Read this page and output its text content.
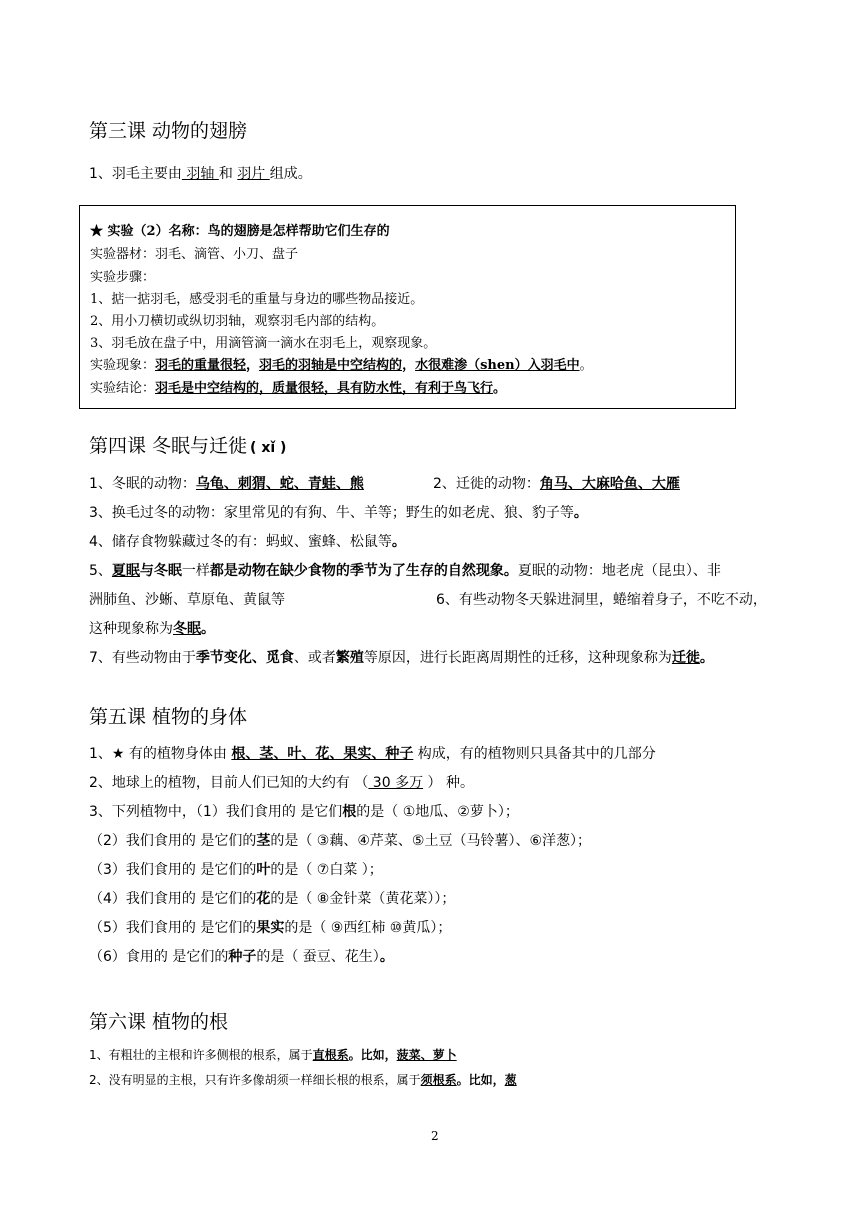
第三课 动物的翅膀
1、羽毛主要由 羽轴 和 羽片 组成。
★ 实验（2）名称：鸟的翅膀是怎样帮助它们生存的
实验器材：羽毛、滴管、小刀、盘子
实验步骤：
1、掂一掂羽毛，感受羽毛的重量与身边的哪些物品接近。
2、用小刀横切或纵切羽轴，观察羽毛内部的结构。
3、羽毛放在盘子中，用滴管滴一滴水在羽毛上，观察现象。
实验现象：羽毛的重量很轻，羽毛的羽轴是中空结构的，水很难渗（shen）入羽毛中。
实验结论：羽毛是中空结构的，质量很轻，具有防水性，有利于鸟飞行。
第四课 冬眠与迁徙 ( xǐ )
1、冬眠的动物：乌龟、刺猬、蛇、青蛙、熊	2、迁徙的动物：角马、大麻哈鱼、大雁
3、换毛过冬的动物：家里常见的有狗、牛、羊等；野生的如老虎、狼、豹子等。
4、储存食物躲藏过冬的有：蚂蚁、蜜蜂、松鼠等。
5、夏眠与冬眠一样都是动物在缺少食物的季节为了生存的自然现象。夏眠的动物：地老虎（昆虫）、非
洲肺鱼、沙蜥、草原龟、黄鼠等	6、有些动物冬天躲进洞里，蜷缩着身子，不吃不动，
这种现象称为冬眠。
7、有些动物由于季节变化、觅食、或者繁殖等原因，进行长距离周期性的迁移，这种现象称为迁徙。
第五课 植物的身体
1、★ 有的植物身体由 根、茎、叶、花、果实、种子 构成，有的植物则只具备其中的几部分
2、地球上的植物，目前人们已知的大约有 （ 30 多万 ） 种。
3、下列植物中，（1）我们食用的 是它们根的是（ ①地瓜、②萝卜）；
（2）我们食用的 是它们的茎的是（ ③藕、④芹菜、⑤土豆（马铃薯）、⑥洋葱）；
（3）我们食用的 是它们的叶的是（ ⑦白菜 ）；
（4）我们食用的 是它们的花的是（ ⑧金针菜（黄花菜））；
（5）我们食用的 是它们的果实的是（ ⑨西红柿 ⑩黄瓜）；
（6）食用的 是它们的种子的是（ 蚕豆、花生）。
第六课 植物的根
1、有粗壮的主根和许多侧根的根系，属于直根系。比如，菠菜、萝卜
2、没有明显的主根，只有许多像胡须一样细长根的根系，属于须根系。比如，葱
2
